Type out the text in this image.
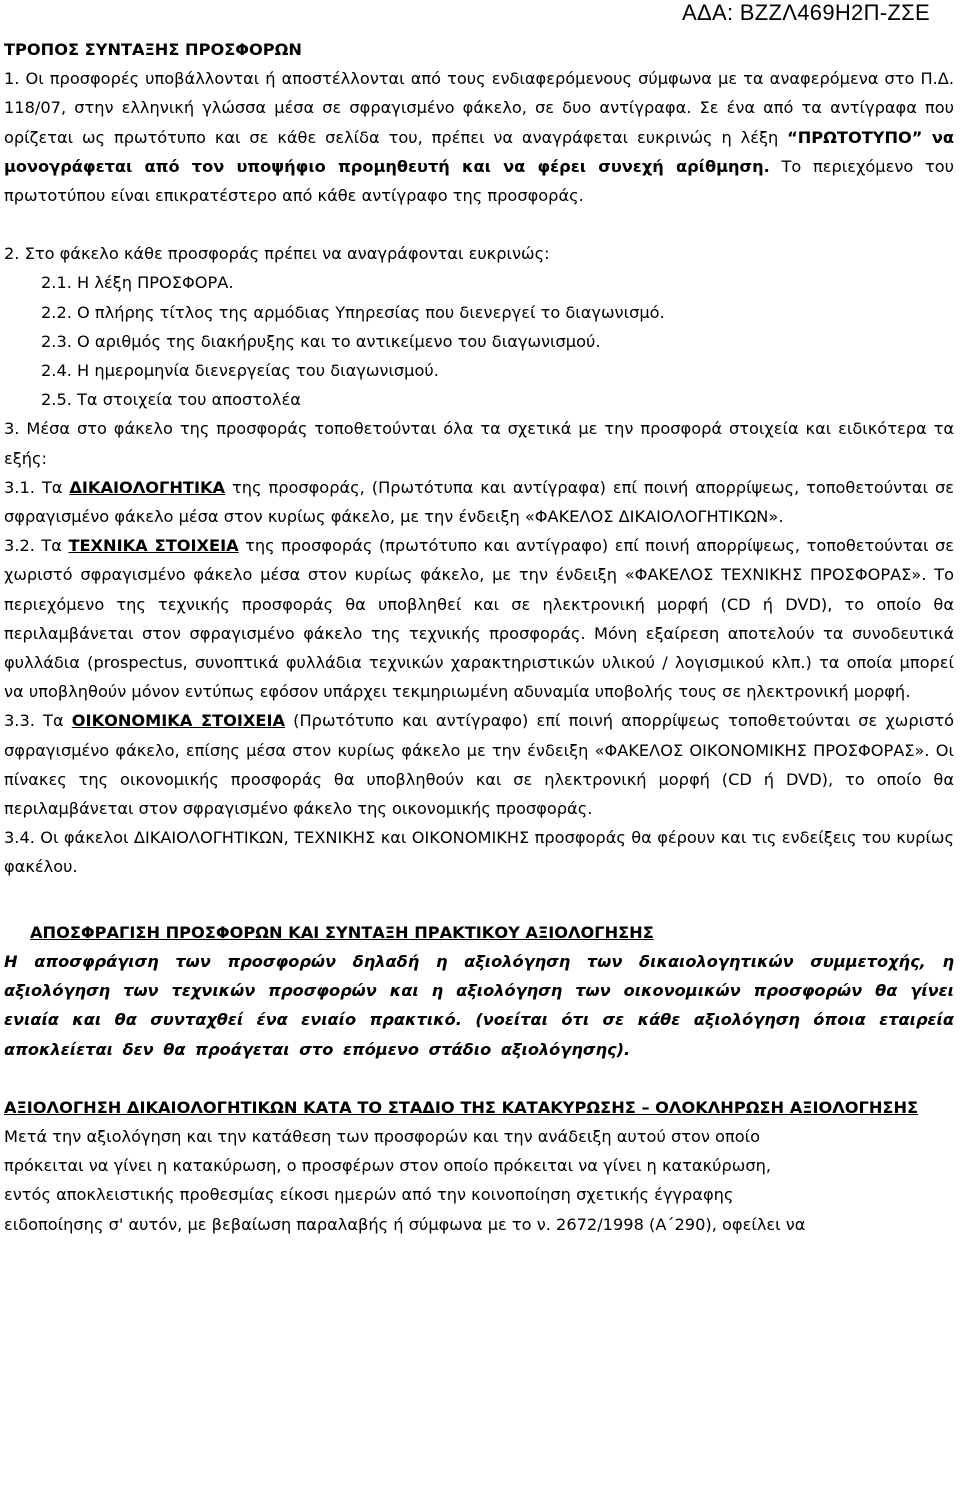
ΑΔΑ: ΒΖΖΛ469Η2Π-ΖΣΕ

ΤΡΟΠΟΣ ΣΥΝΤΑΞΗΣ ΠΡΟΣΦΟΡΩΝ

1. Οι προσφορές υποβάλλονται ή αποστέλλονται από τους ενδιαφερόμενους σύμφωνα με τα αναφερόμενα στο Π.Δ. 118/07, στην ελληνική γλώσσα μέσα σε σφραγισμένο φάκελο, σε δυο αντίγραφα. Σε ένα από τα αντίγραφα που ορίζεται ως πρωτότυπο και σε κάθε σελίδα του, πρέπει να αναγράφεται ευκρινώς η λέξη “ΠΡΩΤΟΤΥΠΟ” να μονογράφεται από τον υποψήφιο προμηθευτή και να φέρει συνεχή αρίθμηση. Το περιεχόμενο του πρωτοτύπου είναι επικρατέστερο από κάθε αντίγραφο της προσφοράς.

2. Στο φάκελο κάθε προσφοράς πρέπει να αναγράφονται ευκρινώς:

2.1. Η λέξη ΠΡΟΣΦΟΡΑ.

2.2. Ο πλήρης τίτλος της αρμόδιας Υπηρεσίας που διενεργεί το διαγωνισμό.

2.3. Ο αριθμός της διακήρυξης και το αντικείμενο του διαγωνισμού.

2.4. Η ημερομηνία διενεργείας του διαγωνισμού.

2.5. Τα στοιχεία του αποστολέα

3. Μέσα στο φάκελο της προσφοράς τοποθετούνται όλα τα σχετικά με την προσφορά στοιχεία και ειδικότερα τα εξής:

3.1. Τα ΔΙΚΑΙΟΛΟΓΗΤΙΚΑ της προσφοράς, (Πρωτότυπα και αντίγραφα) επί ποινή απορρίψεως, τοποθετούνται σε σφραγισμένο φάκελο μέσα στον κυρίως φάκελο, με την ένδειξη «ΦΑΚΕΛΟΣ ΔΙΚΑΙΟΛΟΓΗΤΙΚΩΝ».

3.2. Τα ΤΕΧΝΙΚΑ ΣΤΟΙΧΕΙΑ της προσφοράς (πρωτότυπο και αντίγραφο) επί ποινή απορρίψεως, τοποθετούνται σε χωριστό σφραγισμένο φάκελο μέσα στον κυρίως φάκελο, με την ένδειξη «ΦΑΚΕΛΟΣ ΤΕΧΝΙΚΗΣ ΠΡΟΣΦΟΡΑΣ». Το περιεχόμενο της τεχνικής προσφοράς θα υποβληθεί και σε ηλεκτρονική μορφή (CD ή DVD), το οποίο θα περιλαμβάνεται στον σφραγισμένο φάκελο της τεχνικής προσφοράς. Μόνη εξαίρεση αποτελούν τα συνοδευτικά φυλλάδια (prospectus, συνοπτικά φυλλάδια τεχνικών χαρακτηριστικών υλικού / λογισμικού κλπ.) τα οποία μπορεί να υποβληθούν μόνον εντύπως εφόσον υπάρχει τεκμηριωμένη αδυναμία υποβολής τους σε ηλεκτρονική μορφή.

3.3. Τα ΟΙΚΟΝΟΜΙΚΑ ΣΤΟΙΧΕΙΑ (Πρωτότυπο και αντίγραφο) επί ποινή απορρίψεως τοποθετούνται σε χωριστό σφραγισμένο φάκελο, επίσης μέσα στον κυρίως φάκελο με την ένδειξη «ΦΑΚΕΛΟΣ ΟΙΚΟΝΟΜΙΚΗΣ ΠΡΟΣΦΟΡΑΣ». Οι πίνακες της οικονομικής προσφοράς θα υποβληθούν και σε ηλεκτρονική μορφή (CD ή DVD), το οποίο θα περιλαμβάνεται στον σφραγισμένο φάκελο της οικονομικής προσφοράς.

3.4. Οι φάκελοι ΔΙΚΑΙΟΛΟΓΗΤΙΚΩΝ, ΤΕΧΝΙΚΗΣ και ΟΙΚΟΝΟΜΙΚΗΣ προσφοράς θα φέρουν και τις ενδείξεις του κυρίως φακέλου.

ΑΠΟΣΦΡΑΓΙΣΗ ΠΡΟΣΦΟΡΩΝ ΚΑΙ ΣΥΝΤΑΞΗ ΠΡΑΚΤΙΚΟΥ ΑΞΙΟΛΟΓΗΣΗΣ

Η αποσφράγιση των προσφορών δηλαδή η αξιολόγηση των δικαιολογητικών συμμετοχής, η αξιολόγηση των τεχνικών προσφορών και η αξιολόγηση των οικονομικών προσφορών θα γίνει ενιαία και θα συνταχθεί ένα ενιαίο πρακτικό. (νοείται ότι σε κάθε αξιολόγηση όποια εταιρεία αποκλείεται δεν θα προάγεται στο επόμενο στάδιο αξιολόγησης).

ΑΞΙΟΛΟΓΗΣΗ ΔΙΚΑΙΟΛΟΓΗΤΙΚΩΝ ΚΑΤΑ ΤΟ ΣΤΑΔΙΟ ΤΗΣ ΚΑΤΑΚΥΡΩΣΗΣ – ΟΛΟΚΛΗΡΩΣΗ ΑΞΙΟΛΟΓΗΣΗΣ

Μετά την αξιολόγηση και την κατάθεση των προσφορών και την ανάδειξη αυτού στον οποίο

πρόκειται να γίνει η κατακύρωση, ο προσφέρων στον οποίο πρόκειται να γίνει η κατακύρωση,

εντός αποκλειστικής προθεσμίας είκοσι ημερών από την κοινοποίηση σχετικής έγγραφης

ειδοποίησης σ' αυτόν, με βεβαίωση παραλαβής ή σύμφωνα με το ν. 2672/1998 (Α΄290), οφείλει να
